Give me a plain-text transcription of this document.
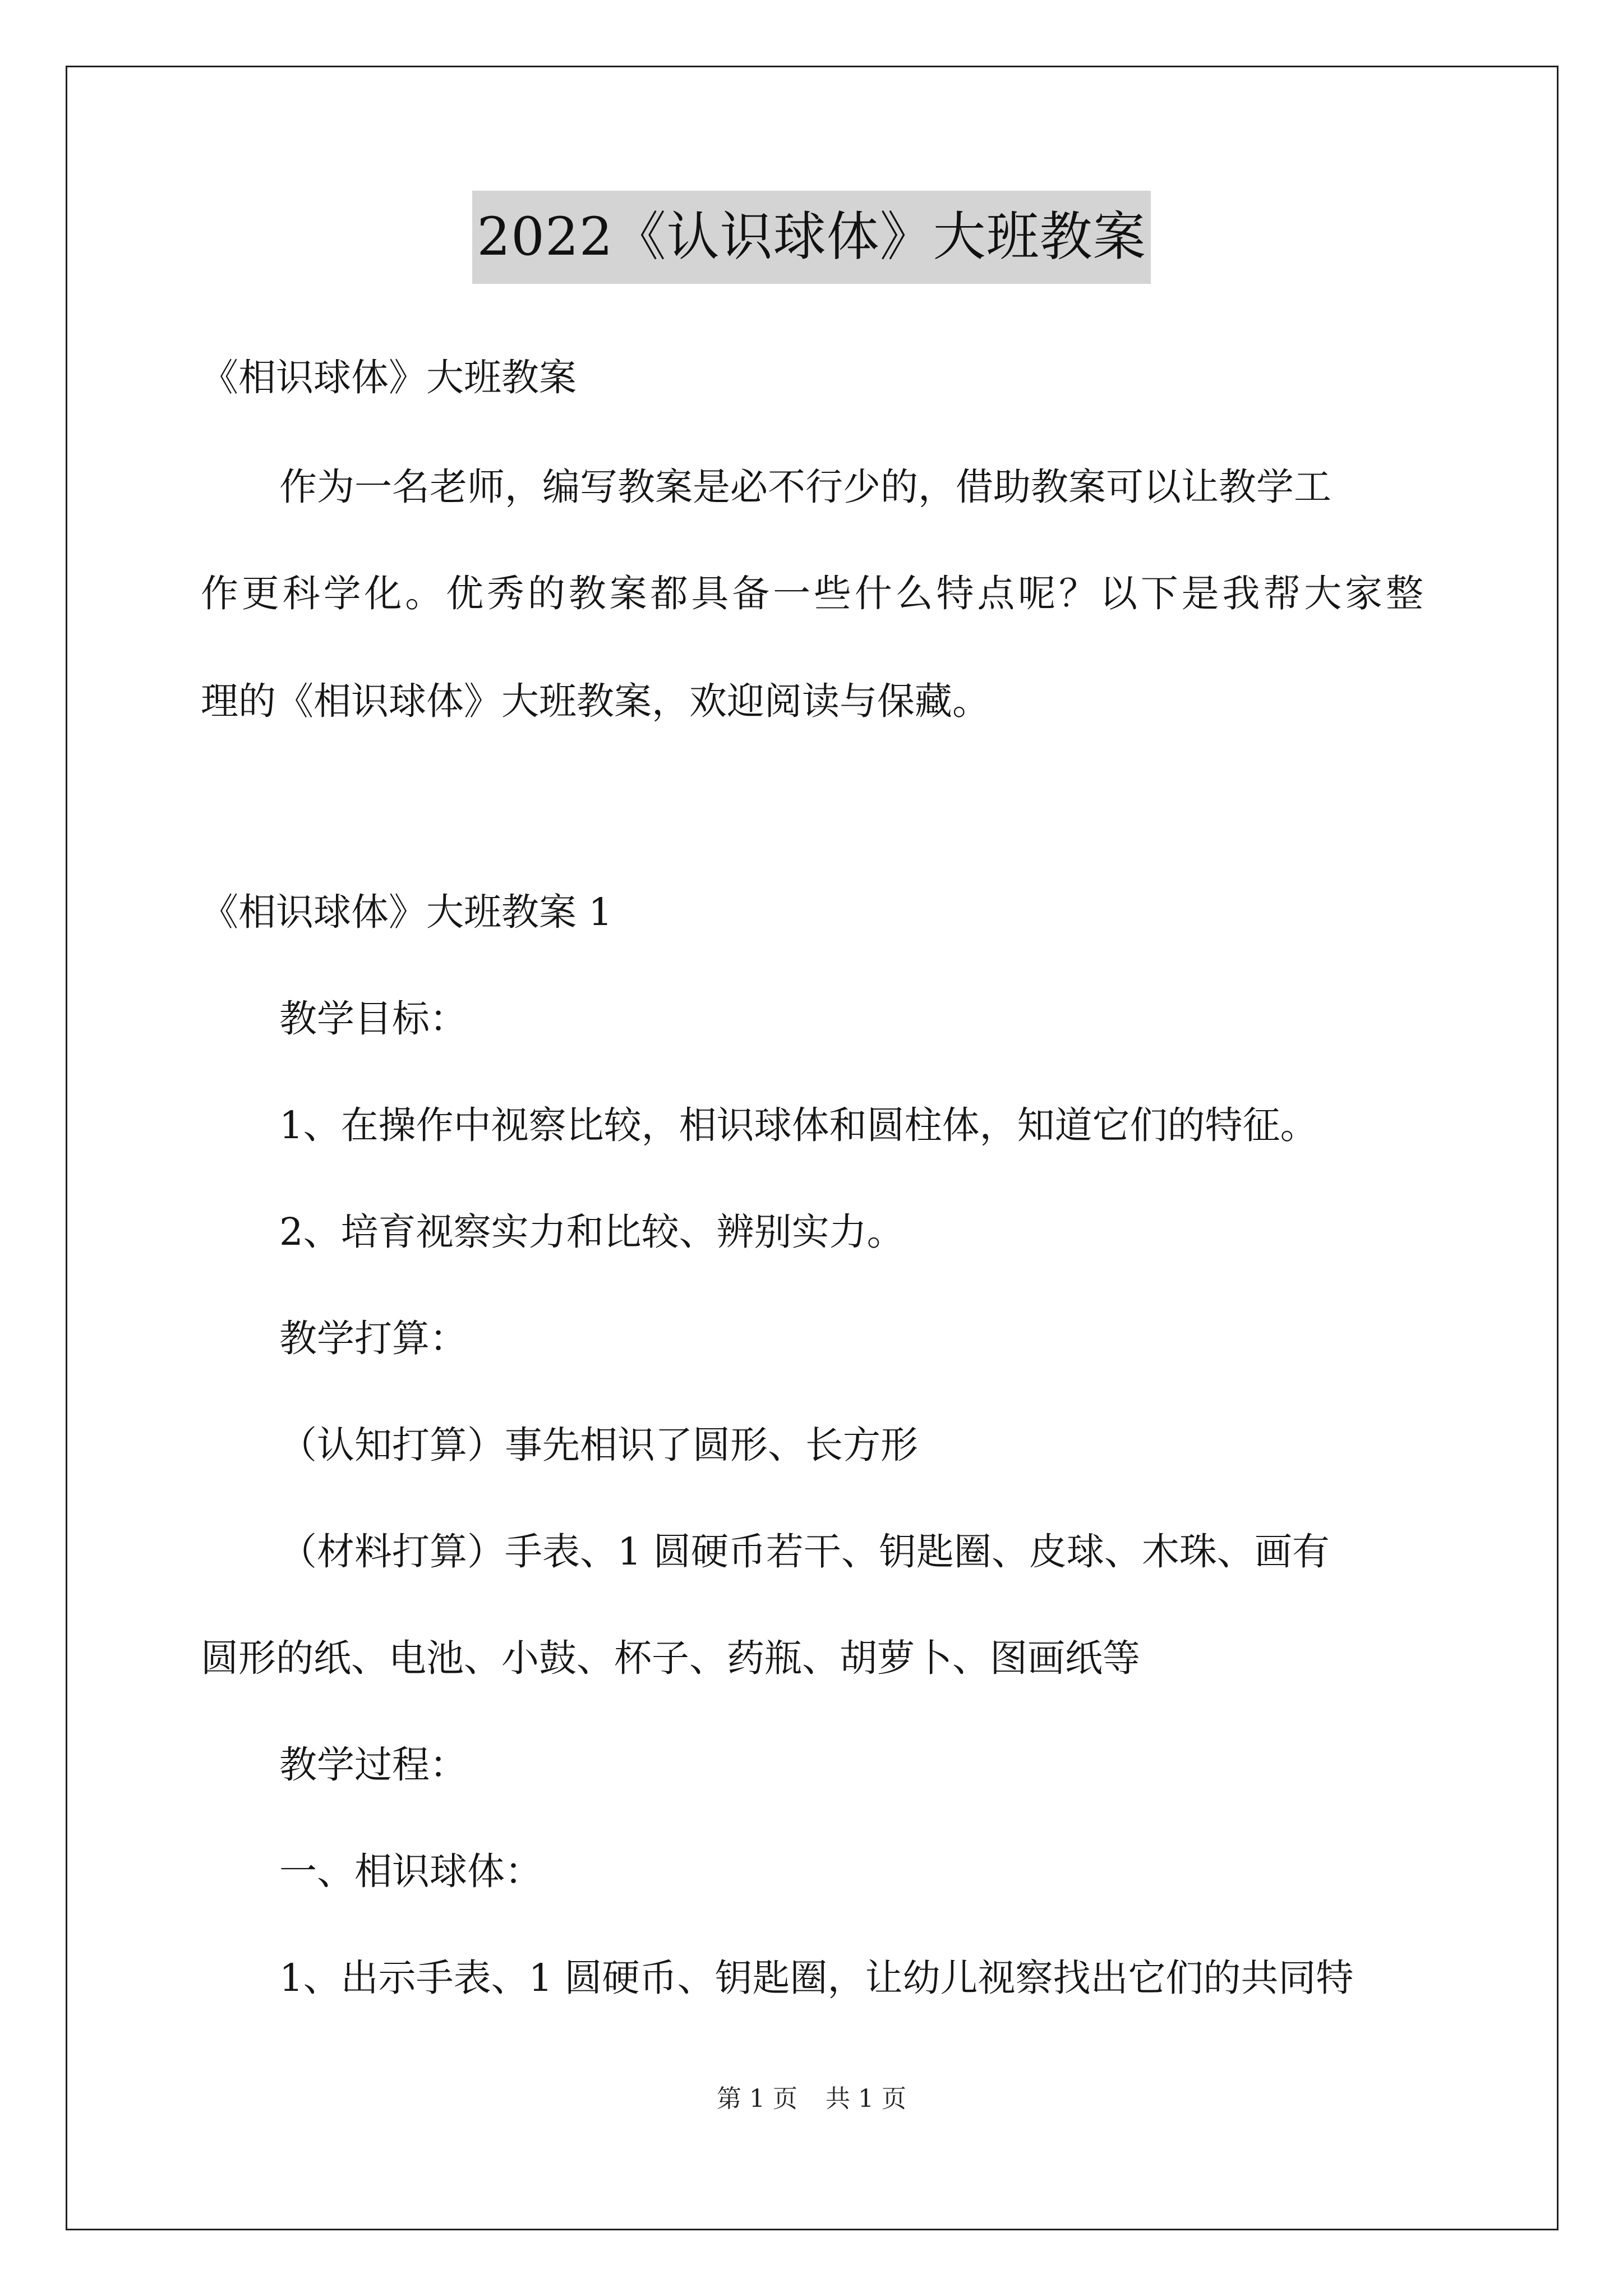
2022《认识球体》大班教案
《相识球体》大班教案
作为一名老师，编写教案是必不行少的，借助教案可以让教学工
作更科学化。优秀的教案都具备一些什么特点呢？以下是我帮大家整
理的《相识球体》大班教案，欢迎阅读与保藏。
《相识球体》大班教案 1
教学目标：
1、在操作中视察比较，相识球体和圆柱体，知道它们的特征。
2、培育视察实力和比较、辨别实力。
教学打算：
（认知打算）事先相识了圆形、长方形
（材料打算）手表、1 圆硬币若干、钥匙圈、皮球、木珠、画有
圆形的纸、电池、小鼓、杯子、药瓶、胡萝卜、图画纸等
教学过程：
一、相识球体：
1、出示手表、1 圆硬币、钥匙圈，让幼儿视察找出它们的共同特
第 1 页 共 1 页
